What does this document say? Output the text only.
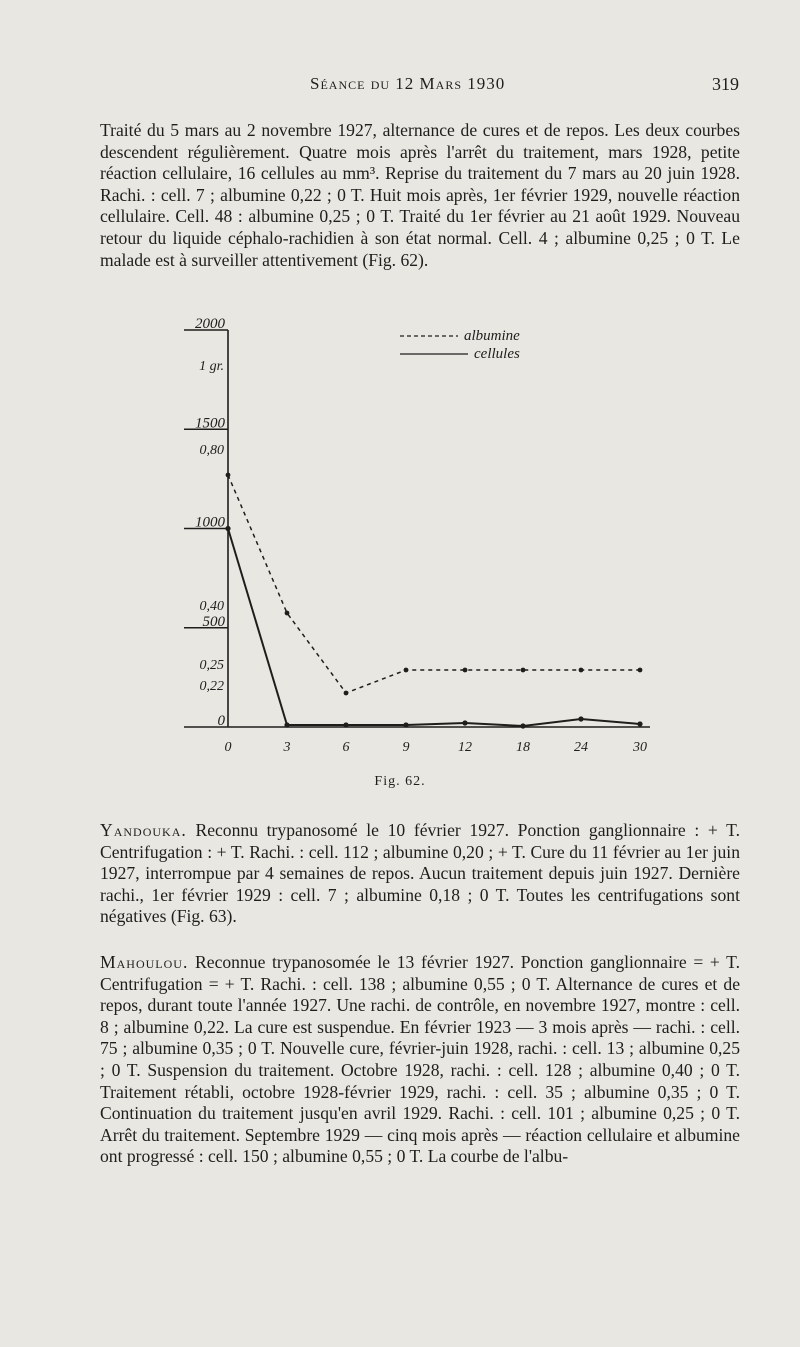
Séance du 12 Mars 1930	319

Traité du 5 mars au 2 novembre 1927, alternance de cures et de repos. Les deux courbes descendent régulièrement. Quatre mois après l'arrêt du traitement, mars 1928, petite réaction cellulaire, 16 cellules au mm³. Reprise du traitement du 7 mars au 20 juin 1928. Rachi. : cell. 7 ; albumine 0,22 ; 0 T. Huit mois après, 1er février 1929, nouvelle réaction cellulaire. Cell. 48 : albumine 0,25 ; 0 T. Traité du 1er février au 21 août 1929. Nouveau retour du liquide céphalo-rachidien à son état normal. Cell. 4 ; albumine 0,25 ; 0 T. Le malade est à surveiller attentivement (Fig. 62).

2000
1500
1000
500
0
1 gr.
0,80
0,40
0,25
0,22
0	3	6	9	12	18	24	30
albumine
cellules
Fig. 62.

Yandouka. Reconnu trypanosomé le 10 février 1927. Ponction ganglionnaire : + T. Centrifugation : + T. Rachi. : cell. 112 ; albumine 0,20 ; + T. Cure du 11 février au 1er juin 1927, interrompue par 4 semaines de repos. Aucun traitement depuis juin 1927. Dernière rachi., 1er février 1929 : cell. 7 ; albumine 0,18 ; 0 T. Toutes les centrifugations sont négatives (Fig. 63).

Mahoulou. Reconnue trypanosomée le 13 février 1927. Ponction ganglionnaire = + T. Centrifugation = + T. Rachi. : cell. 138 ; albumine 0,55 ; 0 T. Alternance de cures et de repos, durant toute l'année 1927. Une rachi. de contrôle, en novembre 1927, montre : cell. 8 ; albumine 0,22. La cure est suspendue. En février 1923 — 3 mois après — rachi. : cell. 75 ; albumine 0,35 ; 0 T. Nouvelle cure, février-juin 1928, rachi. : cell. 13 ; albumine 0,25 ; 0 T. Suspension du traitement. Octobre 1928, rachi. : cell. 128 ; albumine 0,40 ; 0 T. Traitement rétabli, octobre 1928-février 1929, rachi. : cell. 35 ; albumine 0,35 ; 0 T. Continuation du traitement jusqu'en avril 1929. Rachi. : cell. 101 ; albumine 0,25 ; 0 T. Arrêt du traitement. Septembre 1929 — cinq mois après — réaction cellulaire et albumine ont progressé : cell. 150 ; albumine 0,55 ; 0 T. La courbe de l'albu-
